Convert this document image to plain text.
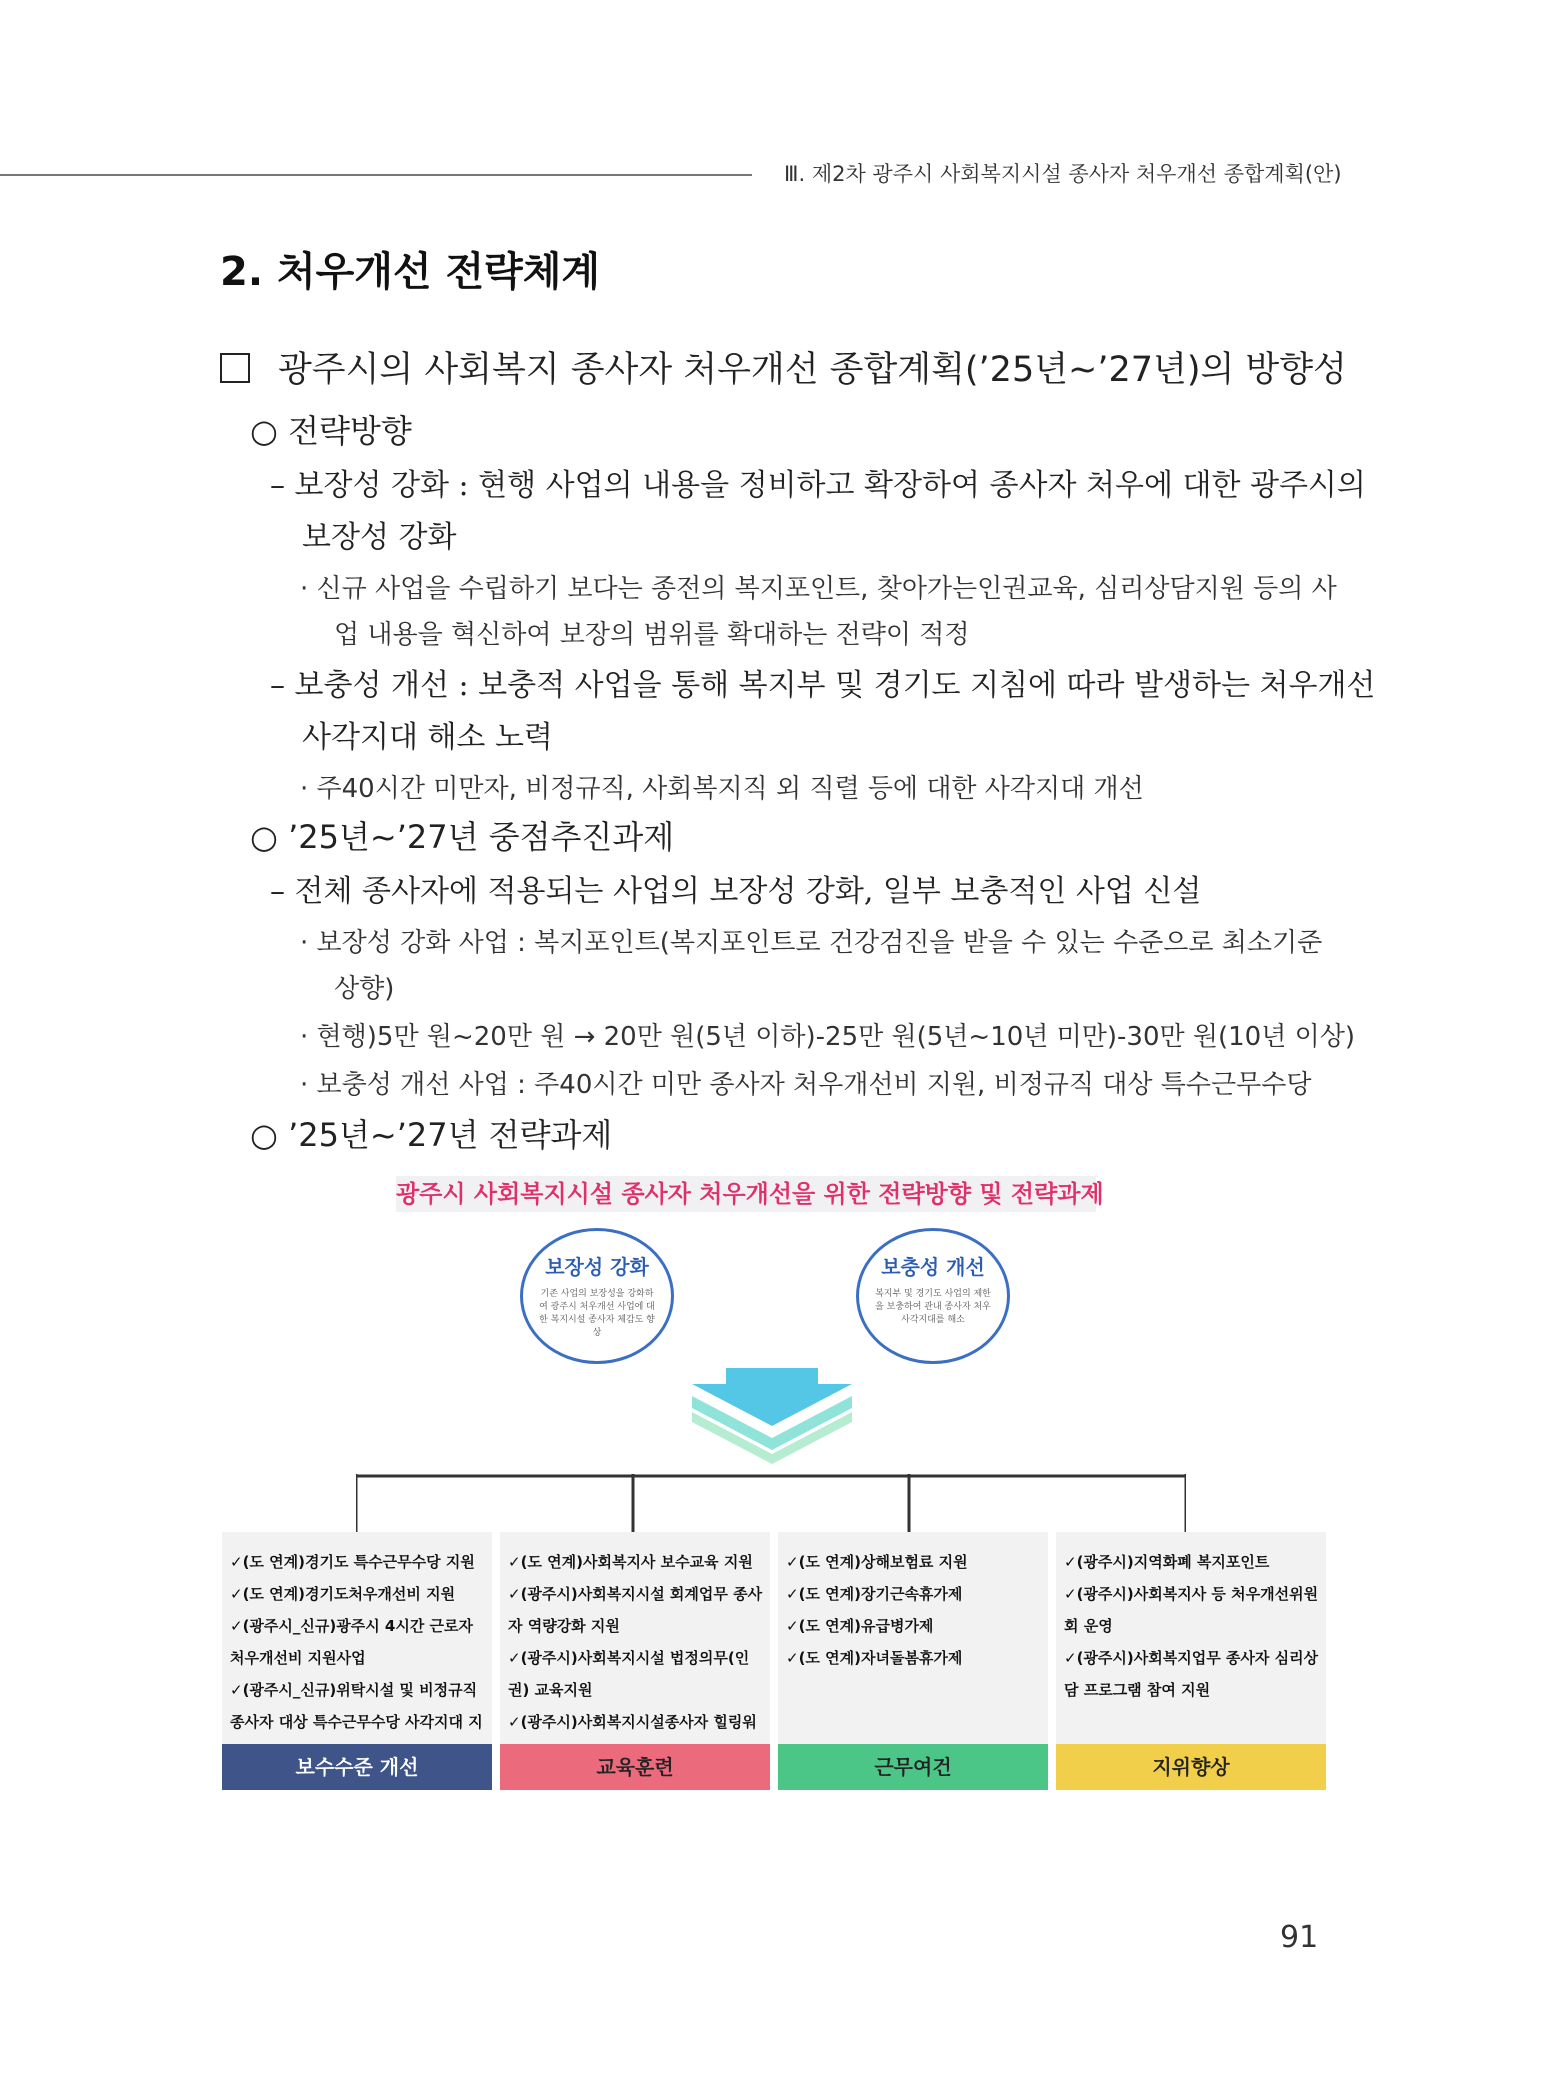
Ⅲ. 제2차 광주시 사회복지시설 종사자 처우개선 종합계획(안)
2. 처우개선 전략체계
광주시의 사회복지 종사자 처우개선 종합계획(’25년~’27년)의 방향성
○ 전략방향
– 보장성 강화 : 현행 사업의 내용을 정비하고 확장하여 종사자 처우에 대한 광주시의
보장성 강화
· 신규 사업을 수립하기 보다는 종전의 복지포인트, 찾아가는인권교육, 심리상담지원 등의 사
업 내용을 혁신하여 보장의 범위를 확대하는 전략이 적정
– 보충성 개선 : 보충적 사업을 통해 복지부 및 경기도 지침에 따라 발생하는 처우개선
사각지대 해소 노력
· 주40시간 미만자, 비정규직, 사회복지직 외 직렬 등에 대한 사각지대 개선
○ ’25년~’27년 중점추진과제
– 전체 종사자에 적용되는 사업의 보장성 강화, 일부 보충적인 사업 신설
· 보장성 강화 사업 : 복지포인트(복지포인트로 건강검진을 받을 수 있는 수준으로 최소기준
상향)
· 현행)5만 원~20만 원 → 20만 원(5년 이하)-25만 원(5년~10년 미만)-30만 원(10년 이상)
· 보충성 개선 사업 : 주40시간 미만 종사자 처우개선비 지원, 비정규직 대상 특수근무수당
○ ’25년~’27년 전략과제
광주시 사회복지시설 종사자 처우개선을 위한 전략방향 및 전략과제
보장성 강화
기존 사업의 보장성을 강화하여 광주시 처우개선 사업에 대한 복지시설 종사자 체감도 향상
보충성 개선
복지부 및 경기도 사업의 제한을 보충하여 관내 종사자 처우 사각지대를 해소
✓(도 연계)경기도 특수근무수당 지원
✓(도 연계)경기도처우개선비 지원
✓(광주시_신규)광주시 4시간 근로자 처우개선비 지원사업
✓(광주시_신규)위탁시설 및 비정규직 종사자 대상 특수근무수당 사각지대 지
보수수준 개선
✓(도 연계)사회복지사 보수교육 지원
✓(광주시)사회복지시설 회계업무 종사자 역량강화 지원
✓(광주시)사회복지시설 법정의무(인권) 교육지원
✓(광주시)사회복지시설종사자 힐링워
교육훈련
✓(도 연계)상해보험료 지원
✓(도 연계)장기근속휴가제
✓(도 연계)유급병가제
✓(도 연계)자녀돌봄휴가제
근무여건
✓(광주시)지역화폐 복지포인트
✓(광주시)사회복지사 등 처우개선위원회 운영
✓(광주시)사회복지업무 종사자 심리상담 프로그램 참여 지원
지위향상
91
